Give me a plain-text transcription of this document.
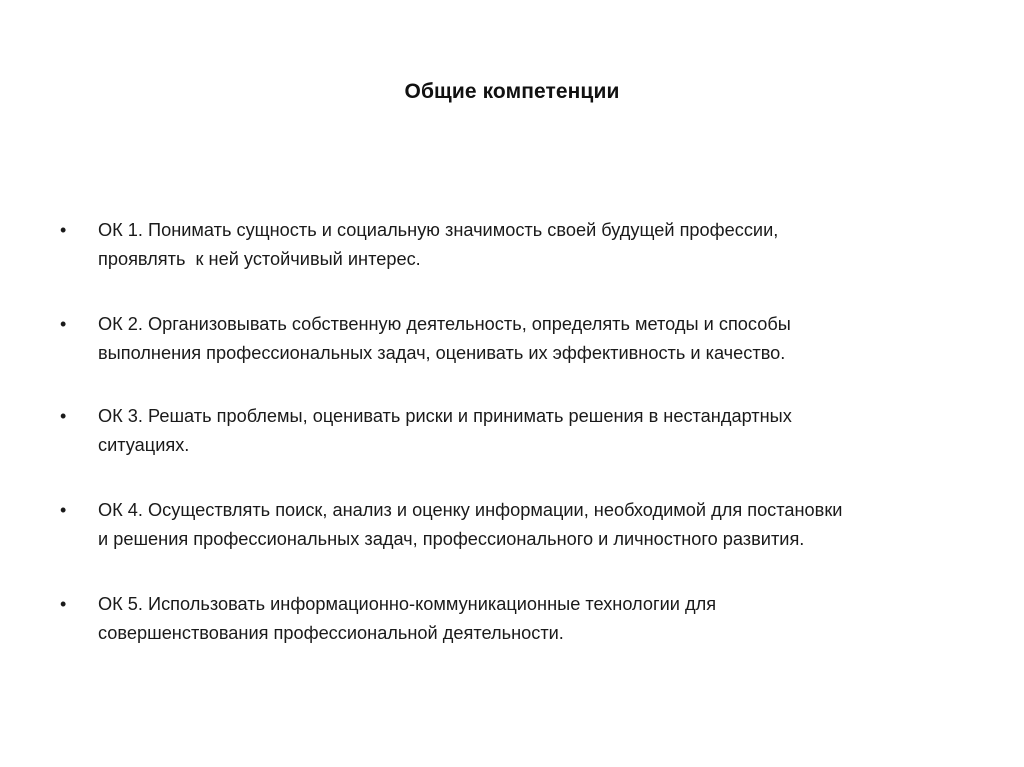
Общие компетенции
• ОК 1. Понимать сущность и социальную значимость своей будущей профессии,
проявлять  к ней устойчивый интерес.
• ОК 2. Организовывать собственную деятельность, определять методы и способы
выполнения профессиональных задач, оценивать их эффективность и качество.
• ОК 3. Решать проблемы, оценивать риски и принимать решения в нестандартных
ситуациях.
• ОК 4. Осуществлять поиск, анализ и оценку информации, необходимой для постановки
и решения профессиональных задач, профессионального и личностного развития.
• ОК 5. Использовать информационно-коммуникационные технологии для
совершенствования профессиональной деятельности.
